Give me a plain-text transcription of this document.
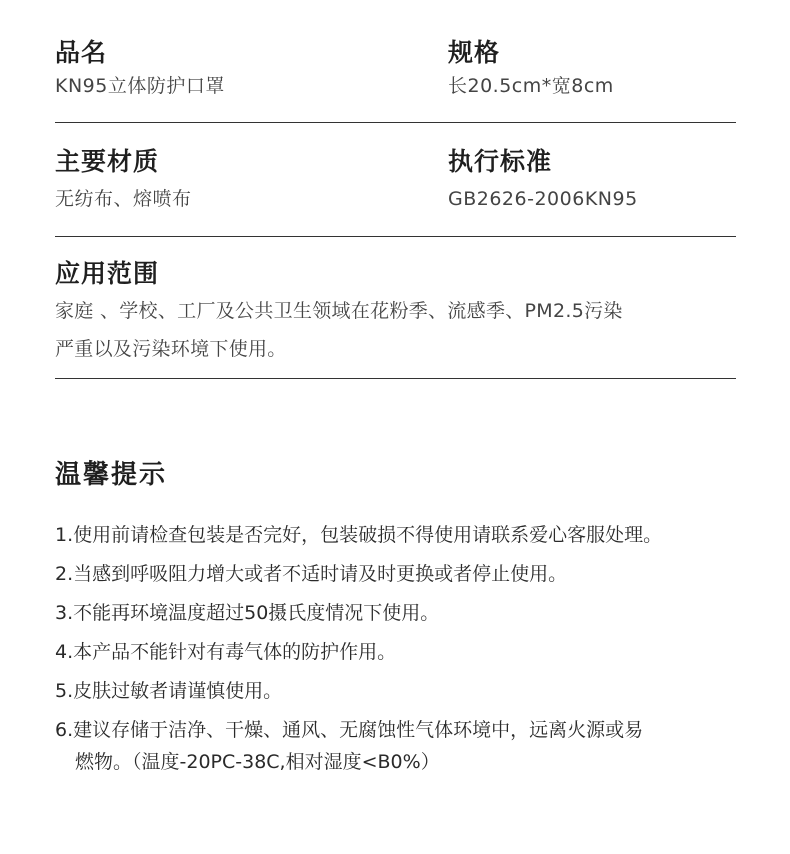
品名
KN95立体防护口罩
规格
长20.5cm*宽8cm
主要材质
无纺布、熔喷布
执行标准
GB2626-2006KN95
应用范围
家庭 、学校、工厂及公共卫生领域在花粉季、流感季、PM2.5污染
严重以及污染环境下使用。
温馨提示
1.使用前请检查包装是否完好，包装破损不得使用请联系爱心客服处理。
2.当感到呼吸阻力增大或者不适时请及时更换或者停止使用。
3.不能再环境温度超过50摄氏度情况下使用。
4.本产品不能针对有毒气体的防护作用。
5.皮肤过敏者请谨慎使用。
6.建议存储于洁净、干燥、通风、无腐蚀性气体环境中，远离火源或易
燃物。（温度-20PC-38C,相对湿度<B0%）
